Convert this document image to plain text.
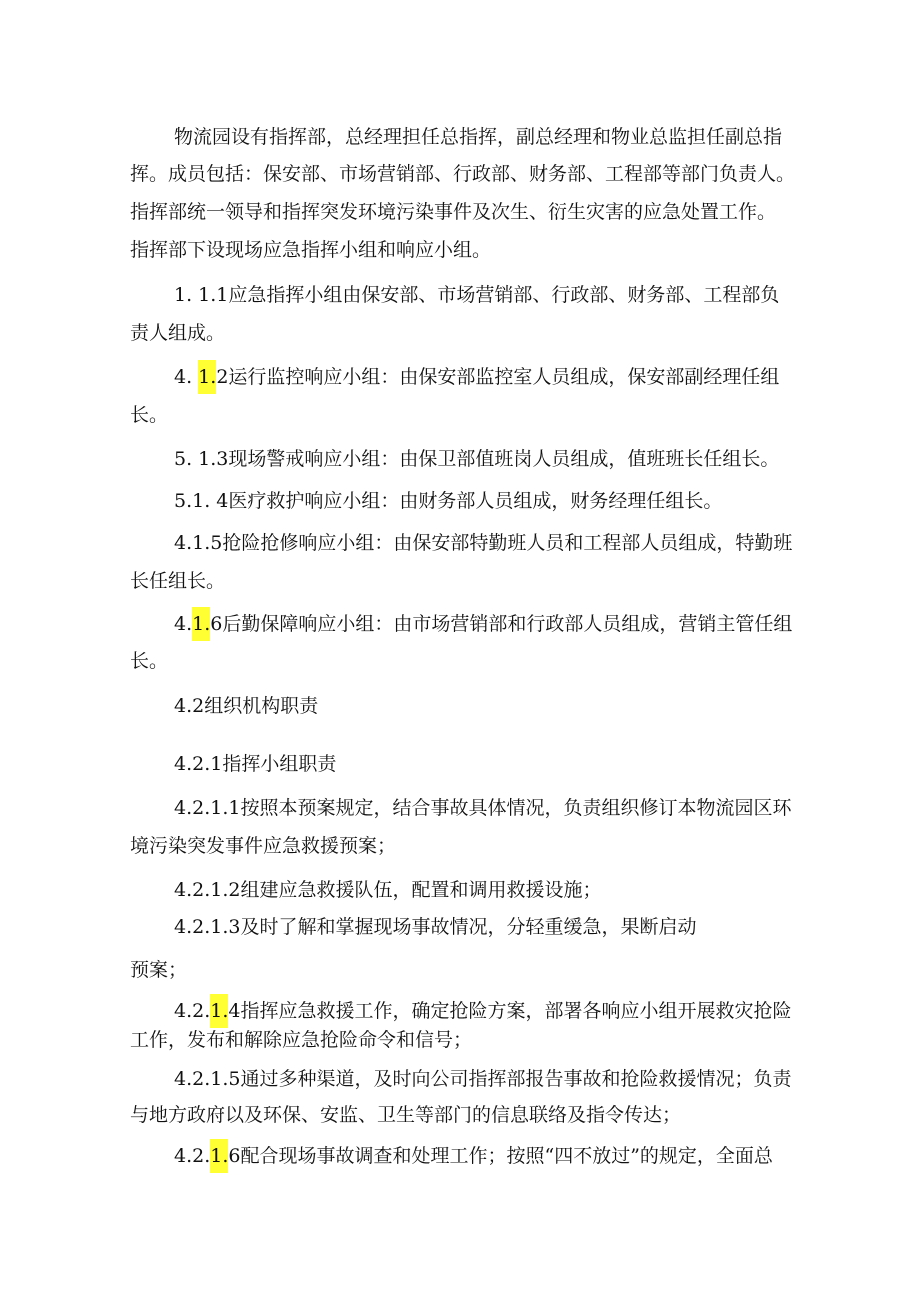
物流园设有指挥部，总经理担任总指挥，副总经理和物业总监担任副总指
挥。成员包括：保安部、市场营销部、行政部、财务部、工程部等部门负责人。
指挥部统一领导和指挥突发环境污染事件及次生、衍生灾害的应急处置工作。
指挥部下设现场应急指挥小组和响应小组。
1. 1.1应急指挥小组由保安部、市场营销部、行政部、财务部、工程部负
责人组成。
4. 1.2运行监控响应小组：由保安部监控室人员组成，保安部副经理任组
长。
5. 1.3现场警戒响应小组：由保卫部值班岗人员组成，值班班长任组长。
5.1. 4医疗救护响应小组：由财务部人员组成，财务经理任组长。
4.1.5抢险抢修响应小组：由保安部特勤班人员和工程部人员组成，特勤班
长任组长。
4.1.6后勤保障响应小组：由市场营销部和行政部人员组成，营销主管任组
长。
4.2组织机构职责
4.2.1指挥小组职责
4.2.1.1按照本预案规定，结合事故具体情况，负责组织修订本物流园区环
境污染突发事件应急救援预案；
4.2.1.2组建应急救援队伍，配置和调用救援设施；
4.2.1.3及时了解和掌握现场事故情况，分轻重缓急，果断启动
预案；
4.2.1.4指挥应急救援工作，确定抢险方案，部署各响应小组开展救灾抢险
工作，发布和解除应急抢险命令和信号；
4.2.1.5通过多种渠道，及时向公司指挥部报告事故和抢险救援情况；负责
与地方政府以及环保、安监、卫生等部门的信息联络及指令传达；
4.2.1.6配合现场事故调查和处理工作；按照“四不放过”的规定，全面总
